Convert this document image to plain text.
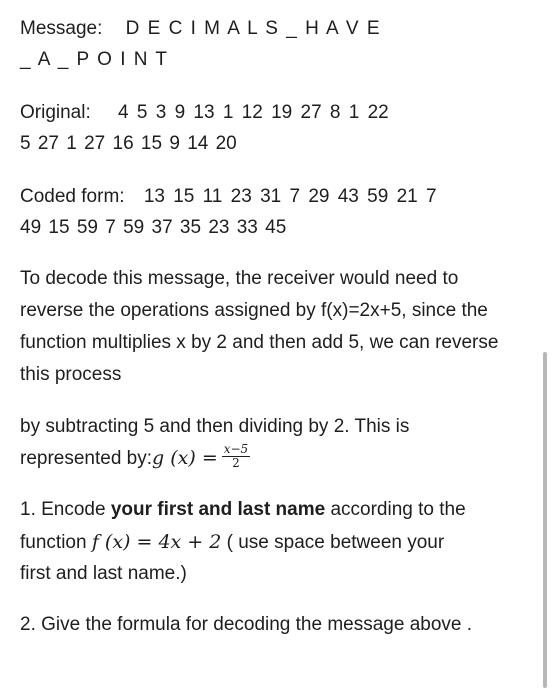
Message: D E C I M A L S _ H A V E
_ A _ P O I N T
Original: 4 5 3 9 13 1 12 19 27 8 1 22
5 27 1 27 16 15 9 14 20
Coded form: 13 15 11 23 31 7 29 43 59 21 7
49 15 59 7 59 37 35 23 33 45
To decode this message, the receiver would need to
reverse the operations assigned by f(x)=2x+5, since the
function multiplies x by 2 and then add 5, we can reverse
this process
by subtracting 5 and then dividing by 2. This is
represented by:g $(x) = \frac{x-5}{2}$
1. Encode your first and last name according to the
function f (x) = 4x + 2 ( use space between your
first and last name.)
2. Give the formula for decoding the message above .
